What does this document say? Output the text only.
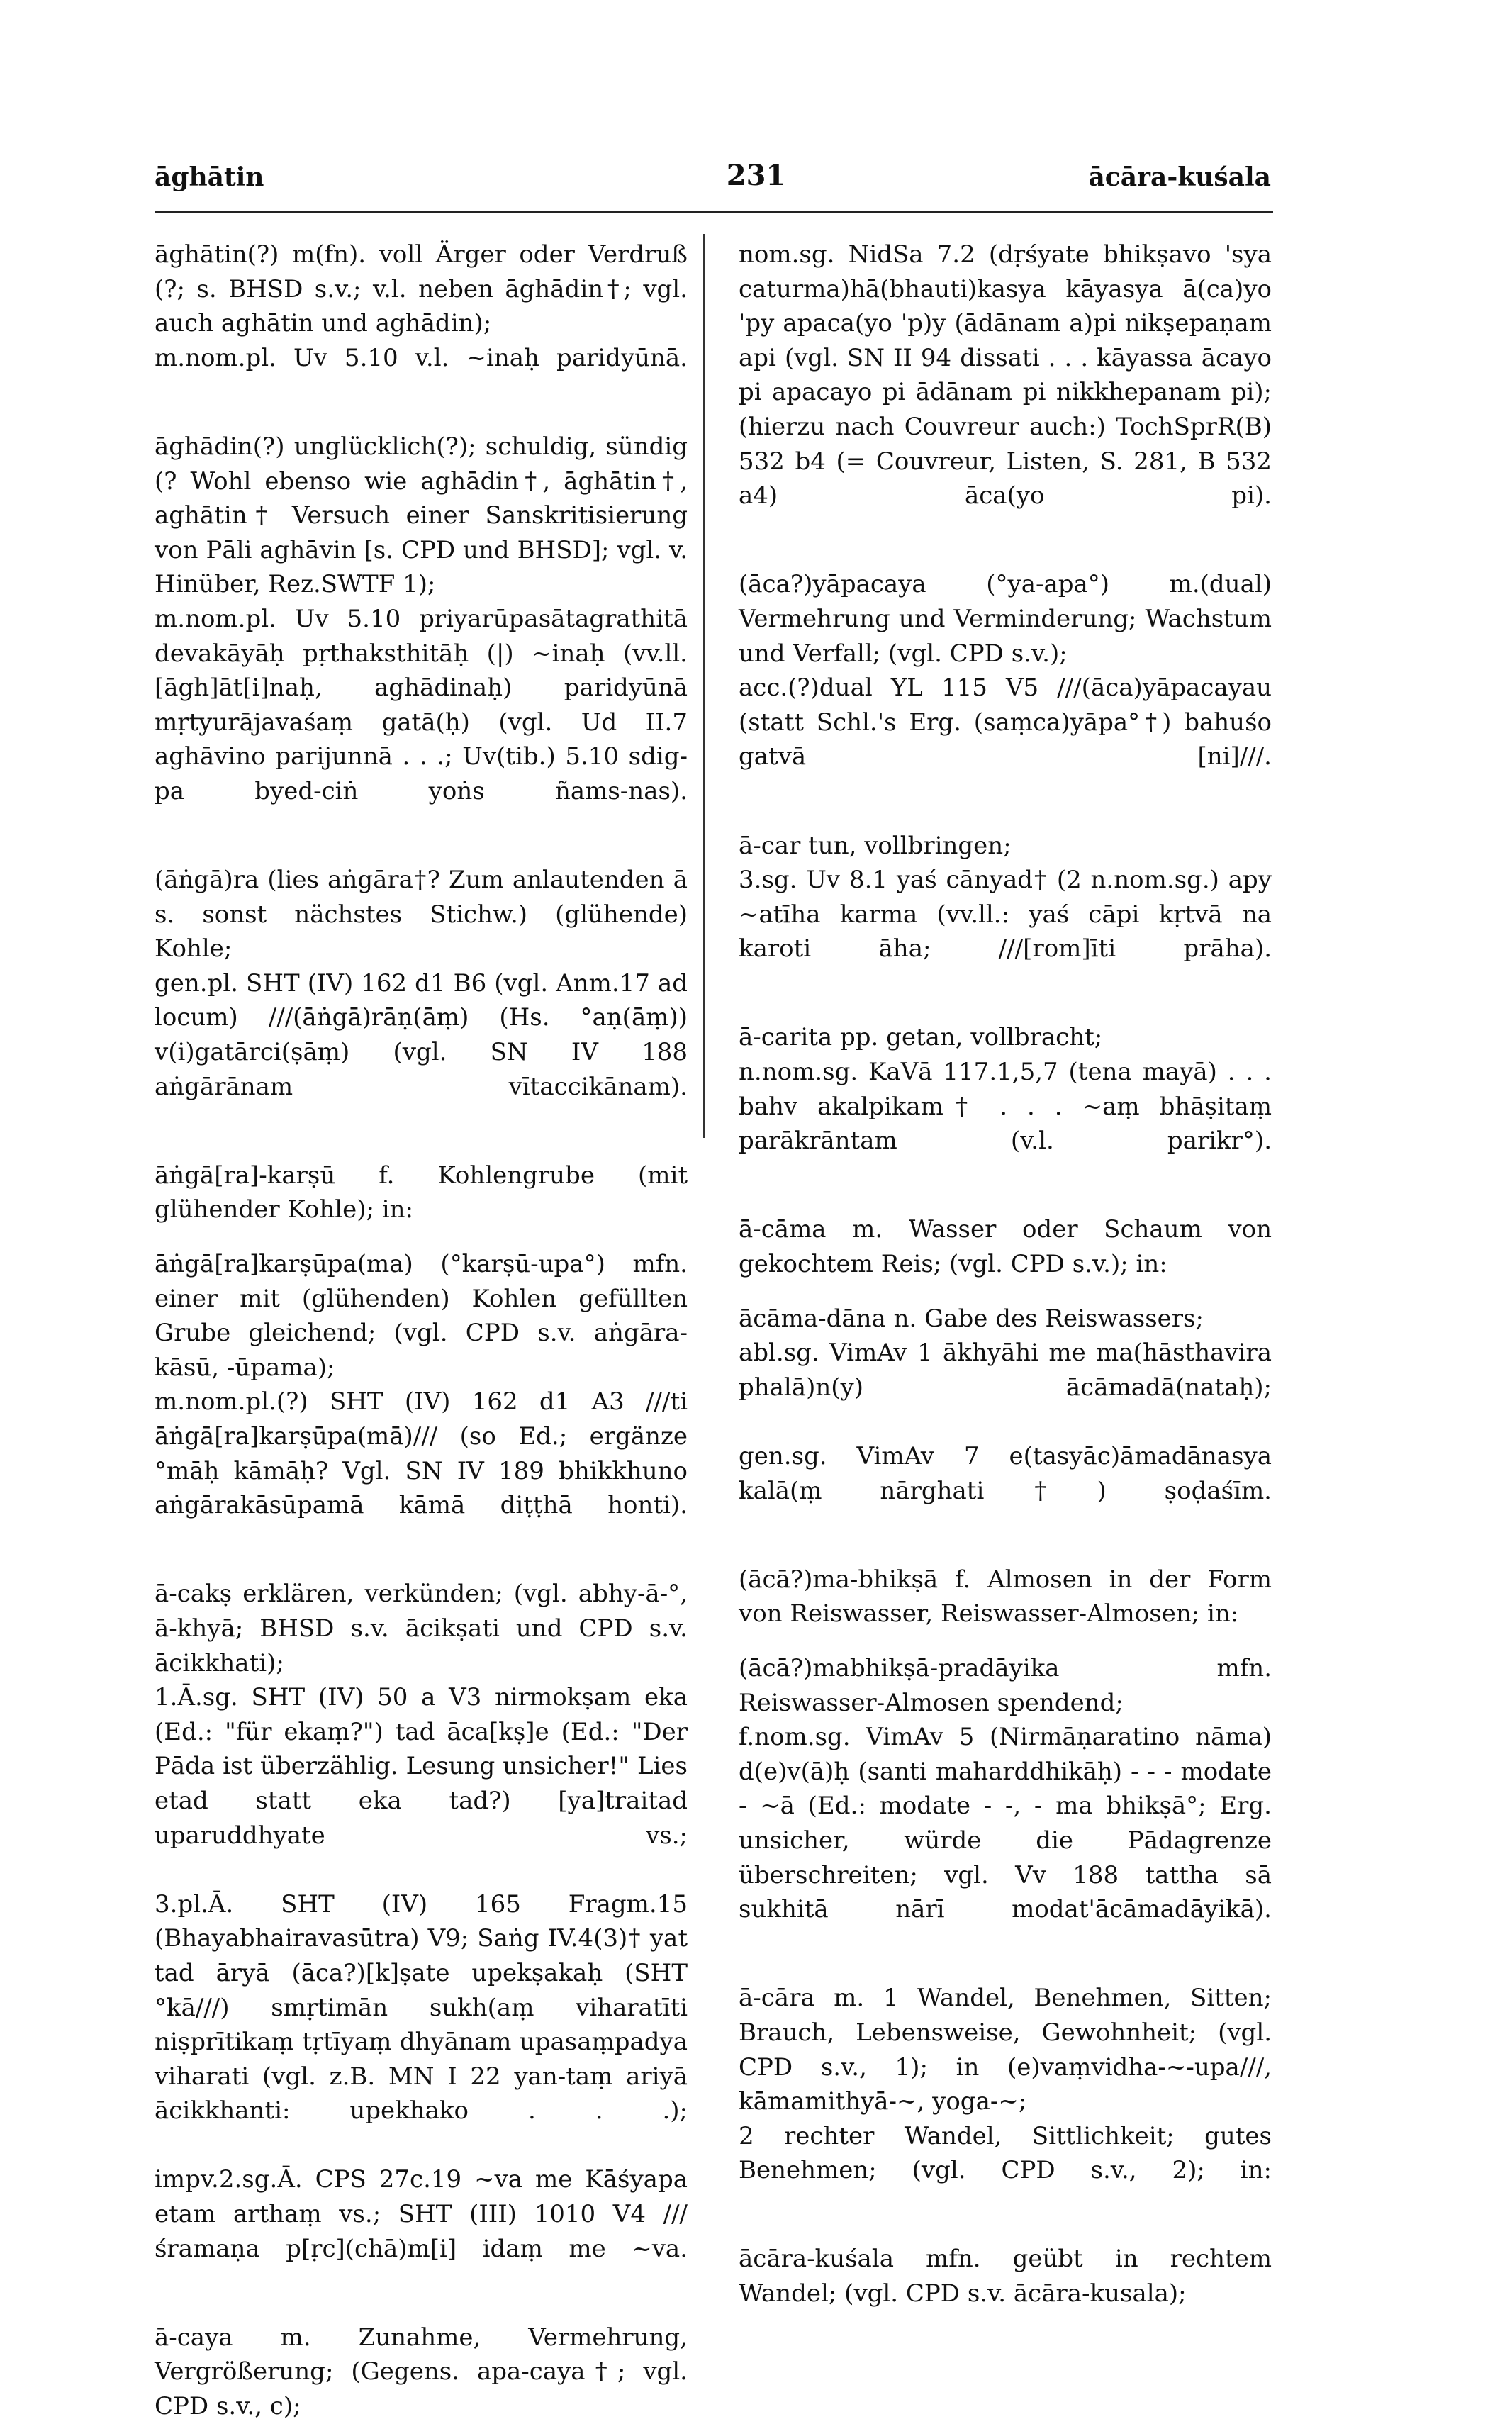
āghātin	231	ācāra-kuśala

āghātin(?) m(fn). voll Ärger oder Verdruß (?; s. BHSD s.v.; v.l. neben āghādin†; vgl. auch aghātin und aghādin);

m.nom.pl. Uv 5.10 v.l. ~inaḥ paridyūnā.

āghādin(?) unglücklich(?); schuldig, sündig (? Wohl ebenso wie aghādin†, āghātin†, aghātin† Versuch einer Sanskritisierung von Pāli aghāvin [s. CPD und BHSD]; vgl. v. Hinüber, Rez.SWTF 1);

m.nom.pl. Uv 5.10 priyarūpasātagrathitā devakāyāḥ pṛthaksthitāḥ (|) ~inaḥ (vv.ll. [āgh]āt[i]naḥ, aghādinaḥ) paridyūnā mṛtyurājavaśaṃ gatā(ḥ) (vgl. Ud II.7 aghāvino parijunnā . . .; Uv(tib.) 5.10 sdig-pa byed-ciṅ yoṅs ñams-nas).

(āṅgā)ra (lies aṅgāra†? Zum anlautenden ā s. sonst nächstes Stichw.) (glühende) Kohle;

gen.pl. SHT (IV) 162 d1 B6 (vgl. Anm.17 ad locum) ///(āṅgā)rāṇ(āṃ) (Hs. °aṇ(āṃ)) v(i)gatārci(ṣāṃ) (vgl. SN IV 188 aṅgārānam vītaccikānam).

āṅgā[ra]-karṣū f. Kohlengrube (mit glühender Kohle); in:

āṅgā[ra]karṣūpa(ma) (°karṣū-upa°) mfn. einer mit (glühenden) Kohlen gefüllten Grube gleichend; (vgl. CPD s.v. aṅgāra-kāsū, -ūpama);

m.nom.pl.(?) SHT (IV) 162 d1 A3 ///ti āṅgā[ra]karṣūpa(mā)/// (so Ed.; ergänze °māḥ kāmāḥ? Vgl. SN IV 189 bhikkhuno aṅgārakāsūpamā kāmā diṭṭhā honti).

ā-cakṣ erklären, verkünden; (vgl. abhy-ā-°, ā-khyā; BHSD s.v. ācikṣati und CPD s.v. ācikkhati);

1.Ā.sg. SHT (IV) 50 a V3 nirmokṣam eka (Ed.: "für ekaṃ?") tad āca[kṣ]e (Ed.: "Der Pāda ist überzählig. Lesung unsicher!" Lies etad statt eka tad?) [ya]traitad uparuddhyate vs.;

3.pl.Ā. SHT (IV) 165 Fragm.15 (Bhayabhairavasūtra) V9; Saṅg IV.4(3)† yat tad āryā (āca?)[k]ṣate upekṣakaḥ (SHT °kā///) smṛtimān sukh(aṃ viharatīti niṣprītikaṃ tṛtīyaṃ dhyānam upasaṃpadya viharati (vgl. z.B. MN I 22 yan-taṃ ariyā ācikkhanti: upekhako . . .);

impv.2.sg.Ā. CPS 27c.19 ~va me Kāśyapa etam arthaṃ vs.; SHT (III) 1010 V4 ///śramaṇa p[ṛc](chā)m[i] idaṃ me ~va.

ā-caya m. Zunahme, Vermehrung, Vergrößerung; (Gegens. apa-caya†; vgl. CPD s.v., c);

nom.sg. NidSa 7.2 (dṛśyate bhikṣavo 'sya caturma)hā(bhauti)kasya kāyasya ā(ca)yo 'py apaca(yo 'p)y (ādānam a)pi nikṣepaṇam api (vgl. SN II 94 dissati . . . kāyassa ācayo pi apacayo pi ādānam pi nikkhepanam pi); (hierzu nach Couvreur auch:) TochSprR(B) 532 b4 (= Couvreur, Listen, S. 281, B 532 a4) āca(yo pi).

(āca?)yāpacaya (°ya-apa°) m.(dual) Vermehrung und Verminderung; Wachstum und Verfall; (vgl. CPD s.v.);

acc.(?)dual YL 115 V5 ///(āca)yāpacayau (statt Schl.'s Erg. (saṃca)yāpa°†) bahuśo gatvā [ni]///.

ā-car tun, vollbringen;

3.sg. Uv 8.1 yaś cānyad† (2 n.nom.sg.) apy ~atīha karma (vv.ll.: yaś cāpi kṛtvā na karoti āha; ///[rom]īti prāha).

ā-carita pp. getan, vollbracht;

n.nom.sg. KaVā 117.1,5,7 (tena mayā) . . . bahv akalpikam† . . . ~aṃ bhāṣitaṃ parākrāntam (v.l. parikr°).

ā-cāma m. Wasser oder Schaum von gekochtem Reis; (vgl. CPD s.v.); in:

ācāma-dāna n. Gabe des Reiswassers;

abl.sg. VimAv 1 ākhyāhi me ma(hāsthavira phalā)n(y) ācāmadā(nataḥ);

gen.sg. VimAv 7 e(tasyāc)āmadānasya kalā(ṃ nārghati†) ṣoḍaśīm.

(ācā?)ma-bhikṣā f. Almosen in der Form von Reiswasser, Reiswasser-Almosen; in:

(ācā?)mabhikṣā-pradāyika mfn. Reiswasser-Almosen spendend;

f.nom.sg. VimAv 5 (Nirmāṇaratino nāma) d(e)v(ā)ḥ (santi maharddhikāḥ) - - - modate - ~ā (Ed.: modate - -, - ma bhikṣā°; Erg. unsicher, würde die Pādagrenze überschreiten; vgl. Vv 188 tattha sā sukhitā nārī modat'ācāmadāyikā).

ā-cāra m. 1 Wandel, Benehmen, Sitten; Brauch, Lebensweise, Gewohnheit; (vgl. CPD s.v., 1); in (e)vaṃvidha-~-upa///, kāmamithyā-~, yoga-~;

2 rechter Wandel, Sittlichkeit; gutes Benehmen; (vgl. CPD s.v., 2); in:

ācāra-kuśala mfn. geübt in rechtem Wandel; (vgl. CPD s.v. ācāra-kusala);
